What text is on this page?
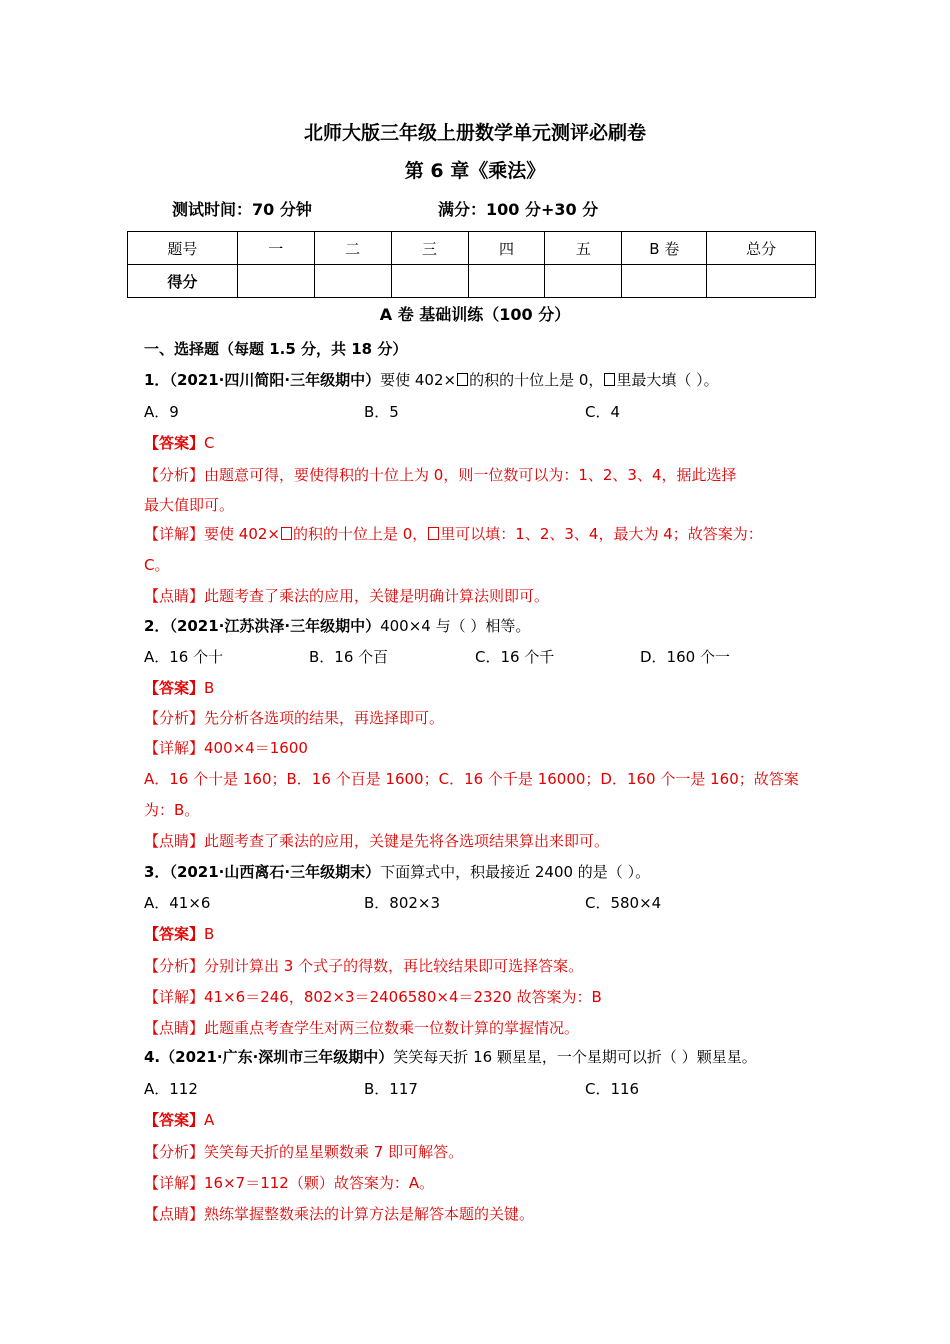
北师大版三年级上册数学单元测评必刷卷
第 6 章《乘法》
测试时间：70 分钟	满分：100 分+30 分
题号	一	二	三	四	五	B 卷	总分
得分							
A 卷 基础训练（100 分）
一、选择题（每题 1.5 分，共 18 分）
1．（2021·四川简阳·三年级期中）要使 402× 的积的十位上是 0， 里最大填（ ）。
A．9	B．5	C．4
【答案】C
【分析】由题意可得，要使得积的十位上为 0，则一位数可以为：1、2、3、4，据此选择
最大值即可。
【详解】要使 402× 的积的十位上是 0， 里可以填：1、2、3、4，最大为 4；故答案为：
C。
【点睛】此题考查了乘法的应用，关键是明确计算法则即可。
2．（2021·江苏洪泽·三年级期中）400×4 与（ ）相等。
A．16 个十	B．16 个百	C．16 个千	D．160 个一
【答案】B
【分析】先分析各选项的结果，再选择即可。
【详解】400×4＝1600
A．16 个十是 160；B．16 个百是 1600；C．16 个千是 16000；D．160 个一是 160；故答案
为：B。
【点睛】此题考查了乘法的应用，关键是先将各选项结果算出来即可。
3．（2021·山西离石·三年级期末）下面算式中，积最接近 2400 的是（ ）。
A．41×6	B．802×3	C．580×4
【答案】B
【分析】分别计算出 3 个式子的得数，再比较结果即可选择答案。
【详解】41×6＝246，802×3＝2406580×4＝2320 故答案为：B
【点睛】此题重点考查学生对两三位数乘一位数计算的掌握情况。
4.（2021·广东·深圳市三年级期中）笑笑每天折 16 颗星星，一个星期可以折（ ）颗星星。
A．112	B．117	C．116
【答案】A
【分析】笑笑每天折的星星颗数乘 7 即可解答。
【详解】16×7＝112（颗）故答案为：A。
【点睛】熟练掌握整数乘法的计算方法是解答本题的关键。
